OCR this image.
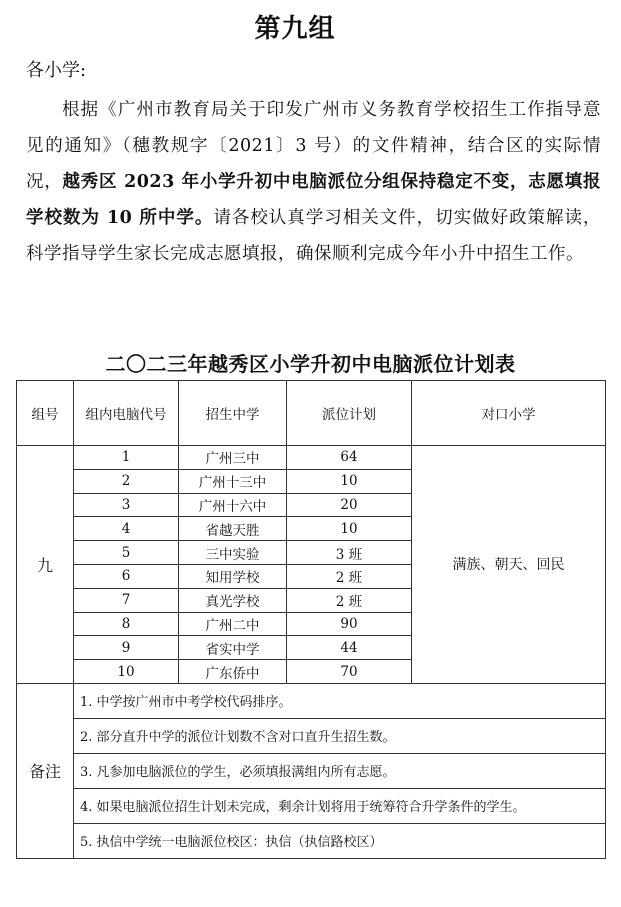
第九组
各小学:
根据《广州市教育局关于印发广州市义务教育学校招生工作指导意见的通知》（穗教规字〔2021〕3 号）的文件精神，结合区的实际情况，越秀区 2023 年小学升初中电脑派位分组保持稳定不变，志愿填报学校数为 10 所中学。请各校认真学习相关文件，切实做好政策解读，科学指导学生家长完成志愿填报，确保顺利完成今年小升中招生工作。
二〇二三年越秀区小学升初中电脑派位计划表
组号	组内电脑代号	招生中学	派位计划	对口小学
九	1	广州三中	64	满族、朝天、回民
	2	广州十三中	10	
	3	广州十六中	20	
	4	省越天胜	10	
	5	三中实验	3 班	
	6	知用学校	2 班	
	7	真光学校	2 班	
	8	广州二中	90	
	9	省实中学	44	
	10	广东侨中	70	
备注	1. 中学按广州市中考学校代码排序。			
	2. 部分直升中学的派位计划数不含对口直升生招生数。			
	3. 凡参加电脑派位的学生，必须填报满组内所有志愿。			
	4. 如果电脑派位招生计划未完成，剩余计划将用于统筹符合升学条件的学生。			
	5. 执信中学统一电脑派位校区：执信（执信路校区）			
